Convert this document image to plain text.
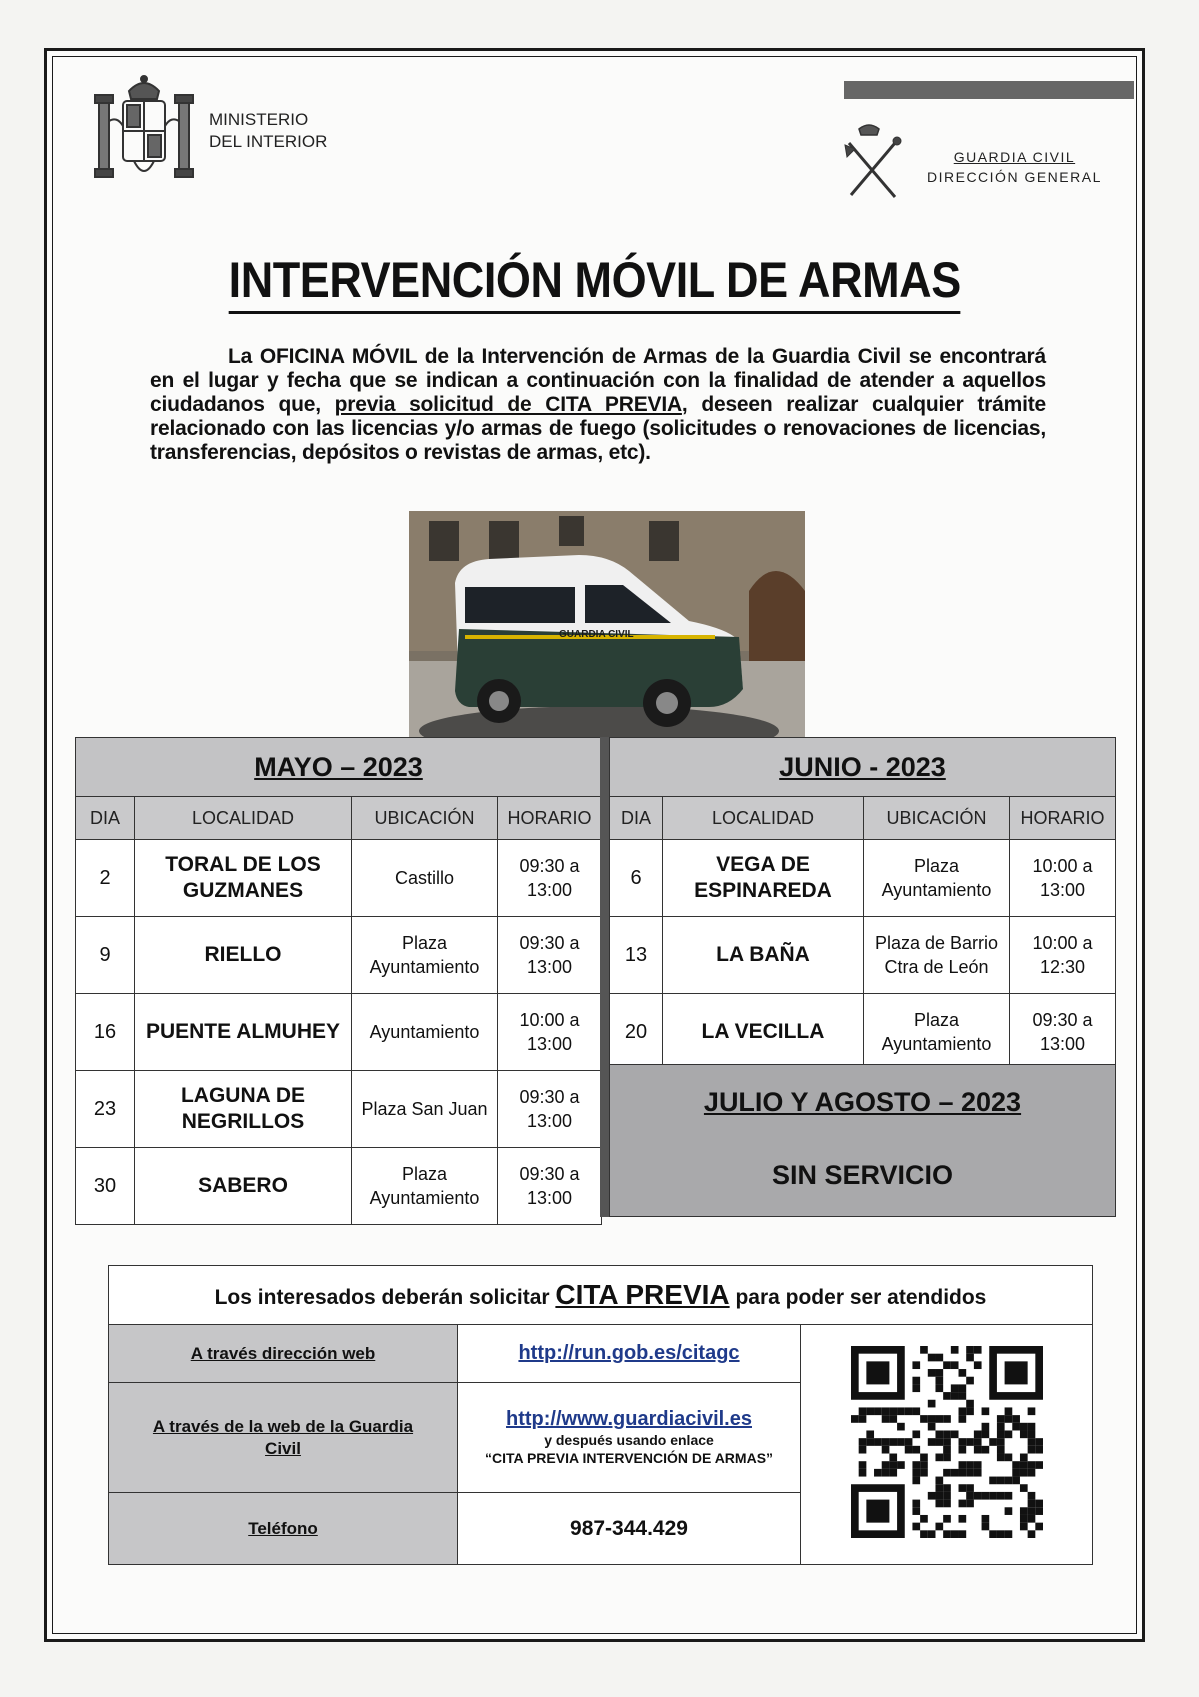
MINISTERIO
DEL INTERIOR
GUARDIA CIVIL
DIRECCIÓN GENERAL
INTERVENCIÓN MÓVIL DE ARMAS
La OFICINA MÓVIL de la Intervención de Armas de la Guardia Civil se encontrará en el lugar y fecha que se indican a continuación con la finalidad de atender a aquellos ciudadanos que, previa solicitud de CITA PREVIA, deseen realizar cualquier trámite relacionado con las licencias y/o armas de fuego (solicitudes o renovaciones de licencias, transferencias, depósitos o revistas de armas, etc).
GUARDIA CIVIL
MAYO – 2023			
DIA	LOCALIDAD	UBICACIÓN	HORARIO
2	TORAL DE LOS GUZMANES	Castillo	09:30 a 13:00
9	RIELLO	Plaza Ayuntamiento	09:30 a 13:00
16	PUENTE ALMUHEY	Ayuntamiento	10:00 a 13:00
23	LAGUNA DE NEGRILLOS	Plaza San Juan	09:30 a 13:00
30	SABERO	Plaza Ayuntamiento	09:30 a 13:00
JUNIO - 2023			
DIA	LOCALIDAD	UBICACIÓN	HORARIO
6	VEGA DE ESPINAREDA	Plaza Ayuntamiento	10:00 a 13:00
13	LA BAÑA	Plaza de Barrio Ctra de León	10:00 a 12:30
20	LA VECILLA	Plaza Ayuntamiento	09:30 a 13:00
JULIO Y AGOSTO – 2023
SIN SERVICIO
Los interesados deberán solicitar CITA PREVIA para poder ser atendidos		
A través dirección web	http://run.gob.es/citagc	
A través de la web de la Guardia Civil	http://www.guardiacivil.es
y después usando enlace
“CITA PREVIA INTERVENCIÓN DE ARMAS”	

Teléfono	987-344.429	
